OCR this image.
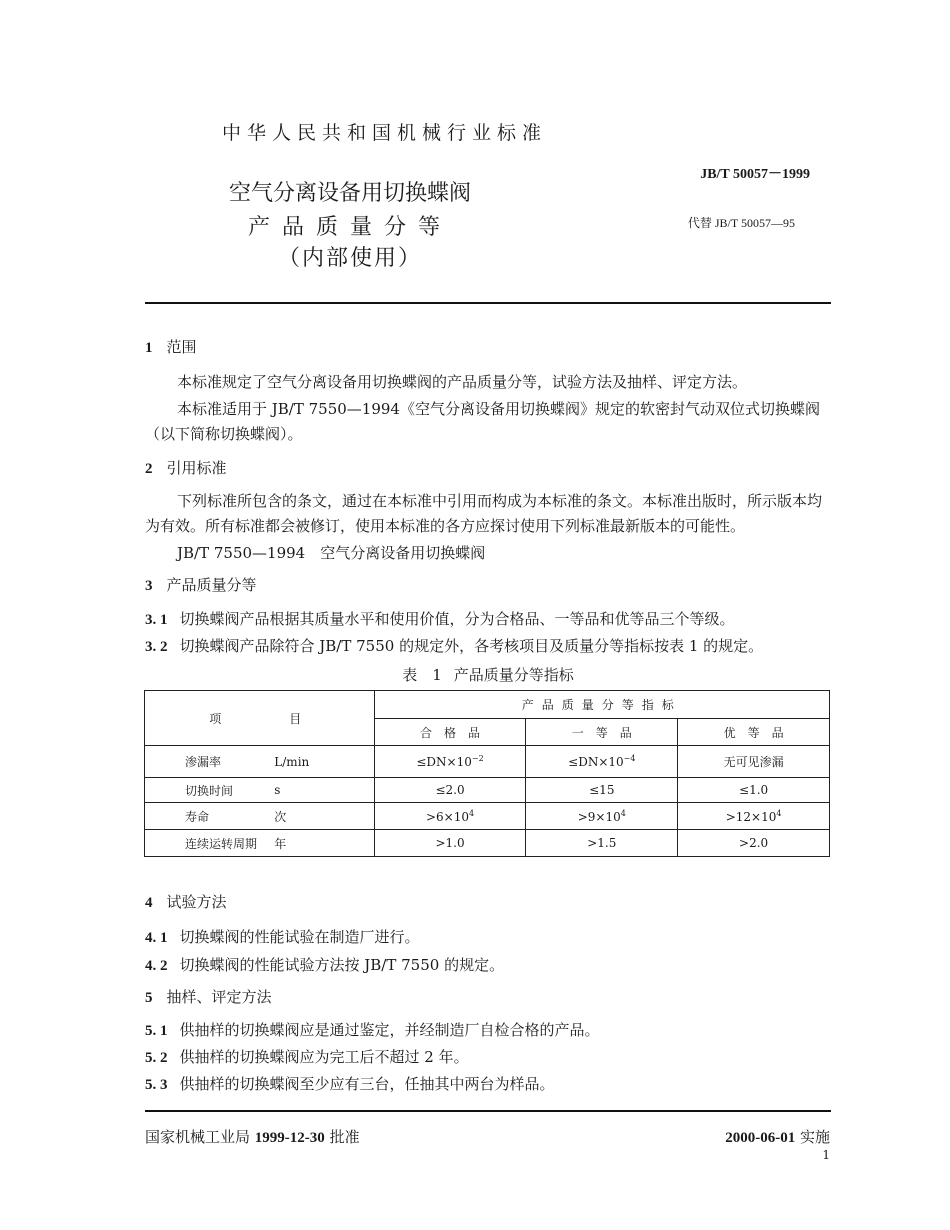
中华人民共和国机械行业标准
JB/T 50057－1999
代替 JB/T 50057—95
空气分离设备用切换蝶阀
产品质量分等
（内部使用）
1 范围
本标准规定了空气分离设备用切换蝶阀的产品质量分等，试验方法及抽样、评定方法。
本标准适用于 JB/T 7550—1994《空气分离设备用切换蝶阀》规定的软密封气动双位式切换蝶阀（以下简称切换蝶阀）。
2 引用标准
下列标准所包含的条文，通过在本标准中引用而构成为本标准的条文。本标准出版时，所示版本均为有效。所有标准都会被修订，使用本标准的各方应探讨使用下列标准最新版本的可能性。
JB/T 7550—1994　空气分离设备用切换蝶阀
3 产品质量分等
3. 1 切换蝶阀产品根据其质量水平和使用价值，分为合格品、一等品和优等品三个等级。
3. 2 切换蝶阀产品除符合 JB/T 7550 的规定外，各考核项目及质量分等指标按表 1 的规定。
表　1 产品质量分等指标
项　　　目		产品质量分等指标		
		合　格　品	一　等　品	优　等　品
渗漏率	L/min	$\le DN\times 10^{-2}$	$\le DN\times 10^{-4}$	无可见渗漏
切换时间	s	≤2.0	≤15	≤1.0
寿命	次	$>6\times 10^4$	$>9\times 10^4$	$>12\times 10^4$
连续运转周期	年	>1.0	>1.5	>2.0
4 试验方法
4. 1 切换蝶阀的性能试验在制造厂进行。
4. 2 切换蝶阀的性能试验方法按 JB/T 7550 的规定。
5 抽样、评定方法
5. 1 供抽样的切换蝶阀应是通过鉴定，并经制造厂自检合格的产品。
5. 2 供抽样的切换蝶阀应为完工后不超过 2 年。
5. 3 供抽样的切换蝶阀至少应有三台，任抽其中两台为样品。
国家机械工业局 1999-12-30 批准	2000-06-01 实施
1
